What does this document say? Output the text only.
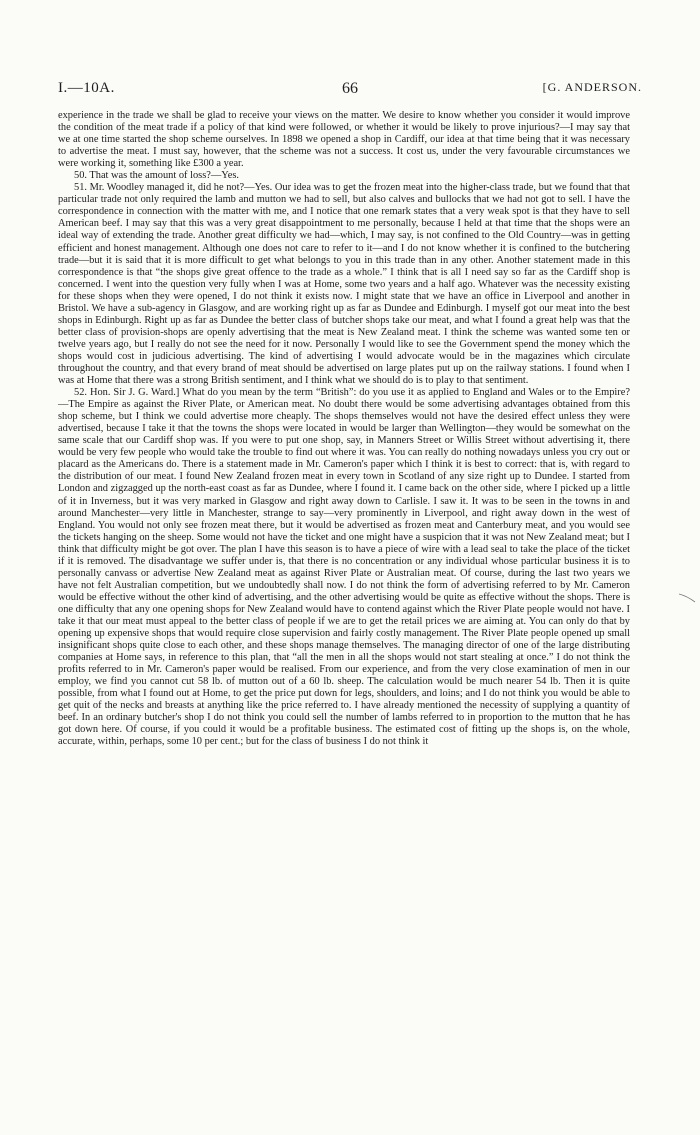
I.—10A.	66	[G. ANDERSON.

experience in the trade we shall be glad to receive your views on the matter. We desire to know whether you consider it would improve the condition of the meat trade if a policy of that kind were followed, or whether it would be likely to prove injurious?—I may say that we at one time started the shop scheme ourselves. In 1898 we opened a shop in Cardiff, our idea at that time being that it was necessary to advertise the meat. I must say, however, that the scheme was not a success. It cost us, under the very favourable circumstances we were working it, something like £300 a year.

50. That was the amount of loss?—Yes.

51. Mr. Woodley managed it, did he not?—Yes. Our idea was to get the frozen meat into the higher-class trade, but we found that that particular trade not only required the lamb and mutton we had to sell, but also calves and bullocks that we had not got to sell. I have the correspondence in connection with the matter with me, and I notice that one remark states that a very weak spot is that they have to sell American beef. I may say that this was a very great disappointment to me personally, because I held at that time that the shops were an ideal way of extending the trade. Another great difficulty we had—which, I may say, is not confined to the Old Country—was in getting efficient and honest management. Although one does not care to refer to it—and I do not know whether it is confined to the butchering trade—but it is said that it is more difficult to get what belongs to you in this trade than in any other. Another statement made in this correspondence is that “the shops give great offence to the trade as a whole.” I think that is all I need say so far as the Cardiff shop is concerned. I went into the question very fully when I was at Home, some two years and a half ago. Whatever was the necessity existing for these shops when they were opened, I do not think it exists now. I might state that we have an office in Liverpool and another in Bristol. We have a sub-agency in Glasgow, and are working right up as far as Dundee and Edinburgh. I myself got our meat into the best shops in Edinburgh. Right up as far as Dundee the better class of butcher shops take our meat, and what I found a great help was that the better class of provision-shops are openly advertising that the meat is New Zealand meat. I think the scheme was wanted some ten or twelve years ago, but I really do not see the need for it now. Personally I would like to see the Government spend the money which the shops would cost in judicious advertising. The kind of advertising I would advocate would be in the magazines which circulate throughout the country, and that every brand of meat should be advertised on large plates put up on the railway stations. I found when I was at Home that there was a strong British sentiment, and I think what we should do is to play to that sentiment.

52. Hon. Sir J. G. Ward.] What do you mean by the term “British”: do you use it as applied to England and Wales or to the Empire?—The Empire as against the River Plate, or American meat. No doubt there would be some advertising advantages obtained from this shop scheme, but I think we could advertise more cheaply. The shops themselves would not have the desired effect unless they were advertised, because I take it that the towns the shops were located in would be larger than Wellington—they would be somewhat on the same scale that our Cardiff shop was. If you were to put one shop, say, in Manners Street or Willis Street without advertising it, there would be very few people who would take the trouble to find out where it was. You can really do nothing nowadays unless you cry out or placard as the Americans do. There is a statement made in Mr. Cameron's paper which I think it is best to correct: that is, with regard to the distribution of our meat. I found New Zealand frozen meat in every town in Scotland of any size right up to Dundee. I started from London and zigzagged up the north-east coast as far as Dundee, where I found it. I came back on the other side, where I picked up a little of it in Inverness, but it was very marked in Glasgow and right away down to Carlisle. I saw it. It was to be seen in the towns in and around Manchester—very little in Manchester, strange to say—very prominently in Liverpool, and right away down in the west of England. You would not only see frozen meat there, but it would be advertised as frozen meat and Canterbury meat, and you would see the tickets hanging on the sheep. Some would not have the ticket and one might have a suspicion that it was not New Zealand meat; but I think that difficulty might be got over. The plan I have this season is to have a piece of wire with a lead seal to take the place of the ticket if it is removed. The disadvantage we suffer under is, that there is no concentration or any individual whose particular business it is to personally canvass or advertise New Zealand meat as against River Plate or Australian meat. Of course, during the last two years we have not felt Australian competition, but we undoubtedly shall now. I do not think the form of advertising referred to by Mr. Cameron would be effective without the other kind of advertising, and the other advertising would be quite as effective without the shops. There is one difficulty that any one opening shops for New Zealand would have to contend against which the River Plate people would not have. I take it that our meat must appeal to the better class of people if we are to get the retail prices we are aiming at. You can only do that by opening up expensive shops that would require close supervision and fairly costly management. The River Plate people opened up small insignificant shops quite close to each other, and these shops manage themselves. The managing director of one of the large distributing companies at Home says, in reference to this plan, that “all the men in all the shops would not start stealing at once.” I do not think the profits referred to in Mr. Cameron's paper would be realised. From our experience, and from the very close examination of men in our employ, we find you cannot cut 58 lb. of mutton out of a 60 lb. sheep. The calculation would be much nearer 54 lb. Then it is quite possible, from what I found out at Home, to get the price put down for legs, shoulders, and loins; and I do not think you would be able to get quit of the necks and breasts at anything like the price referred to. I have already mentioned the necessity of supplying a quantity of beef. In an ordinary butcher's shop I do not think you could sell the number of lambs referred to in proportion to the mutton that he has got down here. Of course, if you could it would be a profitable business. The estimated cost of fitting up the shops is, on the whole, accurate, within, perhaps, some 10 per cent.; but for the class of business I do not think it
